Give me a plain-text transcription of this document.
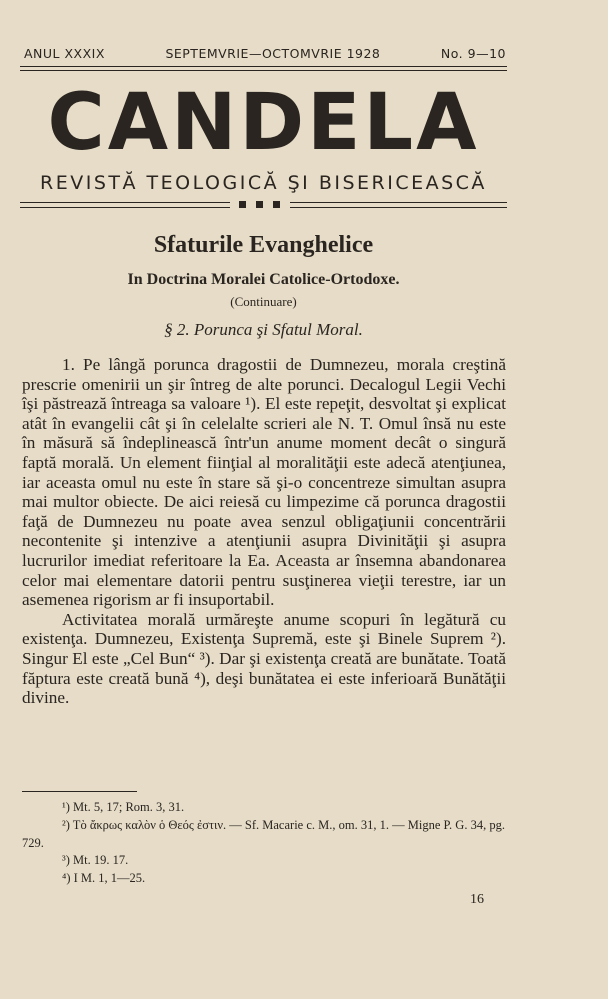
ANUL XXXIX	SEPTEMVRIE—OCTOMVRIE 1928	No. 9—10
CANDELA
REVISTĂ TEOLOGICĂ ŞI BISERICEASCĂ
Sfaturile Evanghelice
In Doctrina Moralei Catolice-Ortodoxe.
(Continuare)
§ 2. Porunca şi Sfatul Moral.

1. Pe lângă porunca dragostii de Dumnezeu, morala creştină prescrie omenirii un şir întreg de alte porunci. Decalogul Legii Vechi îşi păstrează întreaga sa valoare ¹). El este repeţit, desvoltat şi explicat atât în evangelii cât şi în celelalte scrieri ale N. T. Omul însă nu este în măsură să îndeplinească într'un anume moment decât o singură faptă morală. Un element fiinţial al moralităţii este adecă atenţiunea, iar aceasta omul nu este în stare să şi-o concentreze simultan asupra mai multor obiecte. De aici reiesă cu limpezime că porunca dragostii faţă de Dumnezeu nu poate avea senzul obligaţiunii concentrării necontenite şi intenzive a atenţiunii asupra Divinităţii şi asupra lucrurilor imediat referitoare la Ea. Aceasta ar însemna abandonarea celor mai elementare datorii pentru susţinerea vieţii terestre, iar un asemenea rigorism ar fi insuportabil.

Activitatea morală urmăreşte anume scopuri în legătură cu existenţa. Dumnezeu, Existenţa Supremă, este şi Binele Suprem ²). Singur El este „Cel Bun“ ³). Dar şi existenţa creată are bunătate. Toată făptura este creată bună ⁴), deşi bunătatea ei este inferioară Bunătăţii divine.

¹) Mt. 5, 17; Rom. 3, 31.
²) Τὸ ἄκρως καλὸν ὁ Θεός ἐστιν. — Sf. Macarie c. M., om. 31, 1. — Migne P. G. 34, pg. 729.
³) Mt. 19. 17.
⁴) I M. 1, 1—25.
16
